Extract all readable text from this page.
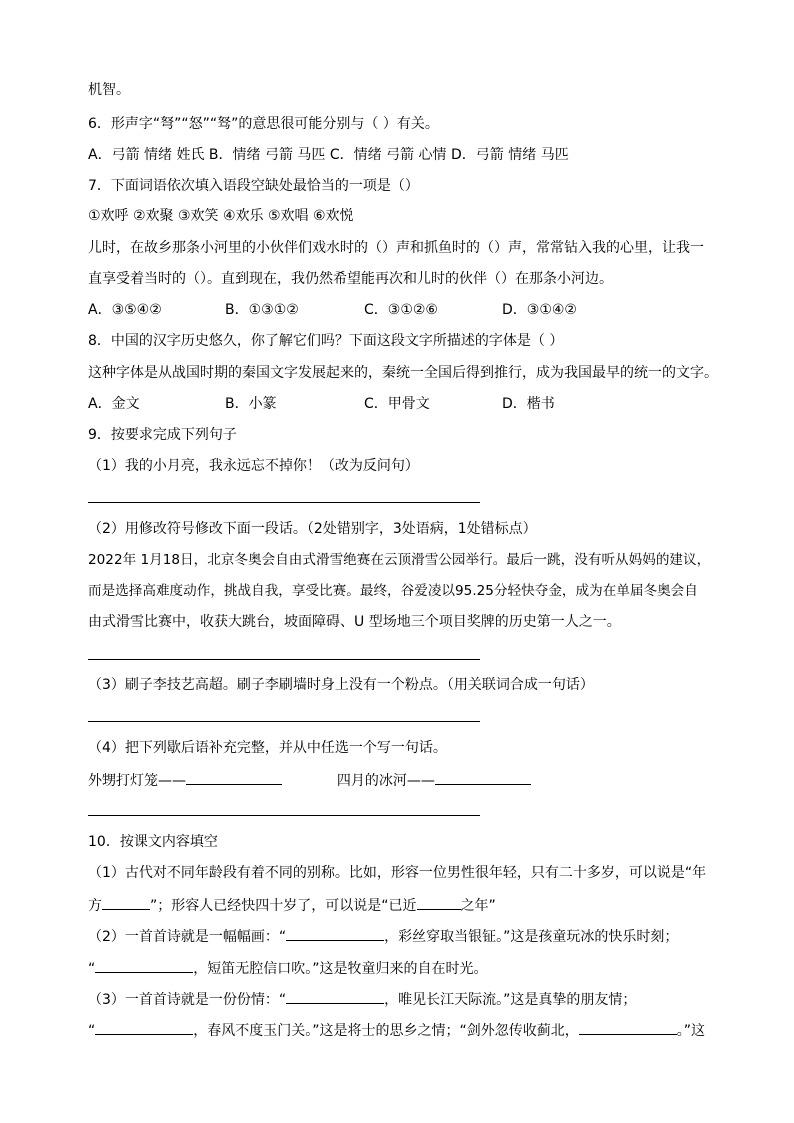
机智。
6．形声字“弩”“怒”“驽”的意思很可能分别与（ ）有关。
A．弓箭 情绪 姓氏 B．情绪 弓箭 马匹 C．情绪 弓箭 心情 D．弓箭 情绪 马匹
7．下面词语依次填入语段空缺处最恰当的一项是（）
①欢呼 ②欢聚 ③欢笑 ④欢乐 ⑤欢唱 ⑥欢悦
儿时，在故乡那条小河里的小伙伴们戏水时的（）声和抓鱼时的（）声，常常钻入我的心里，让我一
直享受着当时的（）。直到现在，我仍然希望能再次和儿时的伙伴（）在那条小河边。
A．③⑤④②	B．①③①②	C．③①②⑥	D．③①④②
8．中国的汉字历史悠久，你了解它们吗？下面这段文字所描述的字体是（ ）
这种字体是从战国时期的秦国文字发展起来的，秦统一全国后得到推行，成为我国最早的统一的文字。
A．金文	B．小篆	C．甲骨文	D．楷书
9．按要求完成下列句子
（1）我的小月亮，我永远忘不掉你！（改为反问句）
（2）用修改符号修改下面一段话。（2处错别字，3处语病，1处错标点）
2022年 1月18日，北京冬奥会自由式滑雪绝赛在云顶滑雪公园举行。最后一跳，没有听从妈妈的建议，
而是选择高难度动作，挑战自我，享受比赛。最终，谷爱凌以95.25分轻快夺金，成为在单届冬奥会自
由式滑雪比赛中，收获大跳台，坡面障碍、U 型场地三个项目奖牌的历史第一人之一。
（3）刷子李技艺高超。刷子李刷墙时身上没有一个粉点。（用关联词合成一句话）
（4）把下列歇后语补充完整，并从中任选一个写一句话。
外甥打灯笼——	四月的冰河——
10．按课文内容填空
（1）古代对不同年龄段有着不同的别称。比如，形容一位男性很年轻，只有二十多岁，可以说是“年
方	”；形容人已经快四十岁了，可以说是“已近	之年”
（2）一首首诗就是一幅幅画：“	，彩丝穿取当银钲。”这是孩童玩冰的快乐时刻；
“	，短笛无腔信口吹。”这是牧童归来的自在时光。
（3）一首首诗就是一份份情：“	，唯见长江天际流。”这是真挚的朋友情；
“	，春风不度玉门关。”这是将士的思乡之情；“剑外忽传收蓟北，	。”这
